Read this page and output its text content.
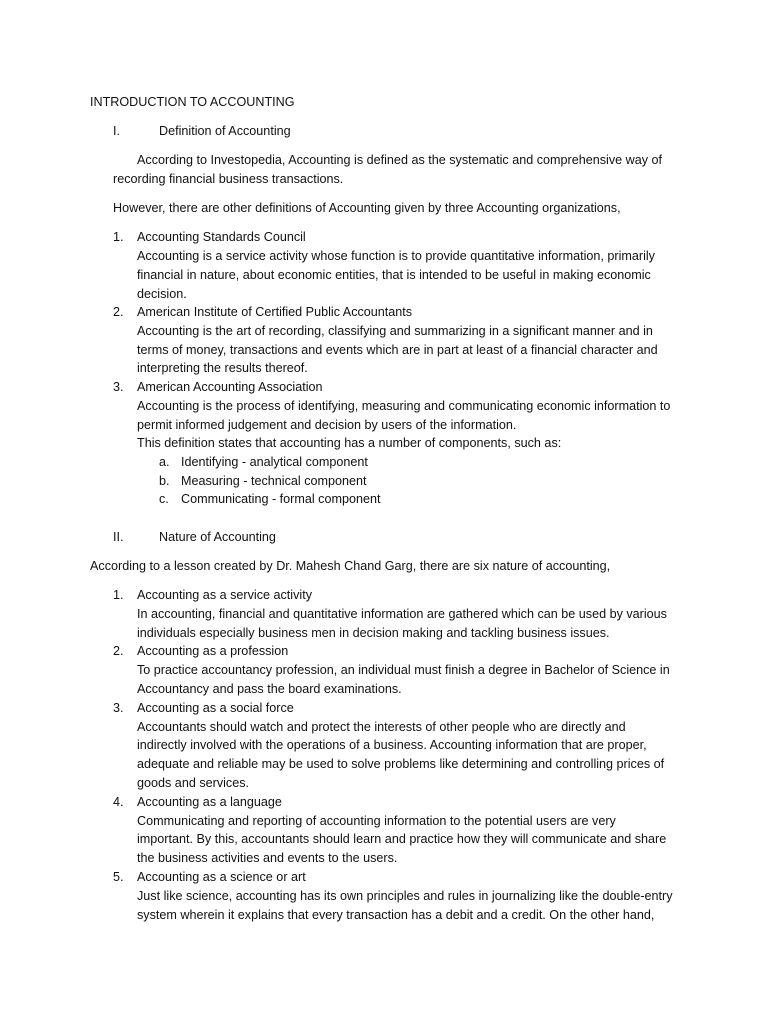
INTRODUCTION TO ACCOUNTING
I.	Definition of Accounting
According to Investopedia, Accounting is defined as the systematic and comprehensive way of
recording financial business transactions.
However, there are other definitions of Accounting given by three Accounting organizations,
1. Accounting Standards Council
Accounting is a service activity whose function is to provide quantitative information, primarily
financial in nature, about economic entities, that is intended to be useful in making economic
decision.
2. American Institute of Certified Public Accountants
Accounting is the art of recording, classifying and summarizing in a significant manner and in
terms of money, transactions and events which are in part at least of a financial character and
interpreting the results thereof.
3. American Accounting Association
Accounting is the process of identifying, measuring and communicating economic information to
permit informed judgement and decision by users of the information.
This definition states that accounting has a number of components, such as:
a. Identifying - analytical component
b. Measuring - technical component
c. Communicating - formal component
II.	Nature of Accounting
According to a lesson created by Dr. Mahesh Chand Garg, there are six nature of accounting,
1. Accounting as a service activity
In accounting, financial and quantitative information are gathered which can be used by various
individuals especially business men in decision making and tackling business issues.
2. Accounting as a profession
To practice accountancy profession, an individual must finish a degree in Bachelor of Science in
Accountancy and pass the board examinations.
3. Accounting as a social force
Accountants should watch and protect the interests of other people who are directly and
indirectly involved with the operations of a business. Accounting information that are proper,
adequate and reliable may be used to solve problems like determining and controlling prices of
goods and services.
4. Accounting as a language
Communicating and reporting of accounting information to the potential users are very
important. By this, accountants should learn and practice how they will communicate and share
the business activities and events to the users.
5. Accounting as a science or art
Just like science, accounting has its own principles and rules in journalizing like the double-entry
system wherein it explains that every transaction has a debit and a credit. On the other hand,
